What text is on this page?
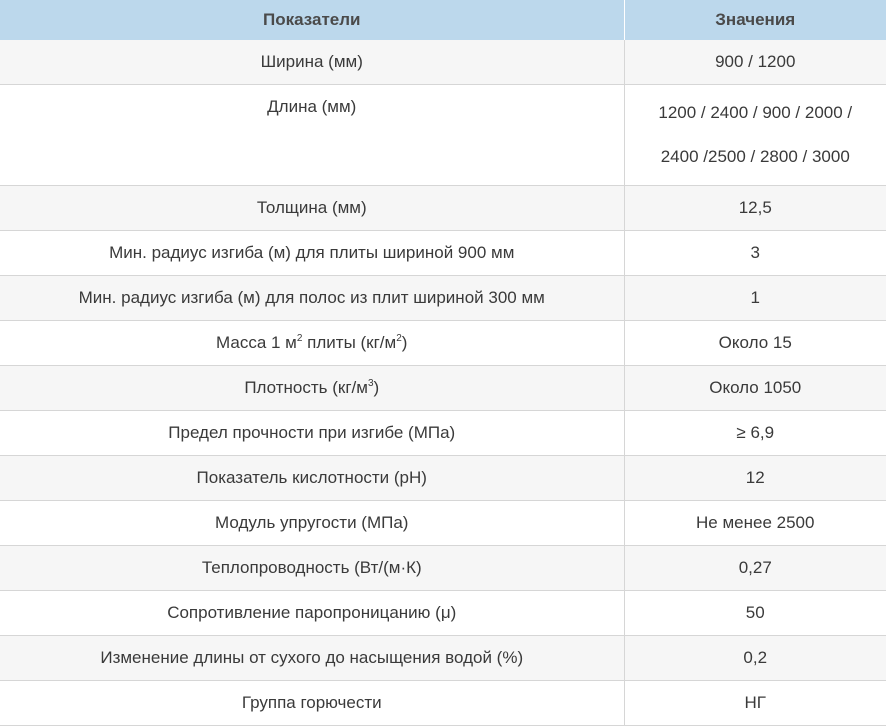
Показатели	Значения
Ширина (мм)	900 / 1200
Длина (мм)	1200 / 2400 / 900 / 2000 /
2400 /2500 / 2800 / 3000

Толщина (мм)	12,5
Мин. радиус изгиба (м) для плиты шириной 900 мм	3
Мин. радиус изгиба (м) для полос из плит шириной 300 мм	1
Масса 1 $м^2$ плиты $(кг/м^2)$	Около 15
Плотность $(кг/м^3)$	Около 1050
Предел прочности при изгибе (МПа)	≥ 6,9
Показатель кислотности (pH)	12
Модуль упругости (МПа)	Не менее 2500
Теплопроводность (Вт/(м·К)	0,27
Сопротивление паропроницанию (μ)	50
Изменение длины от сухого до насыщения водой (%)	0,2
Группа горючести	НГ
